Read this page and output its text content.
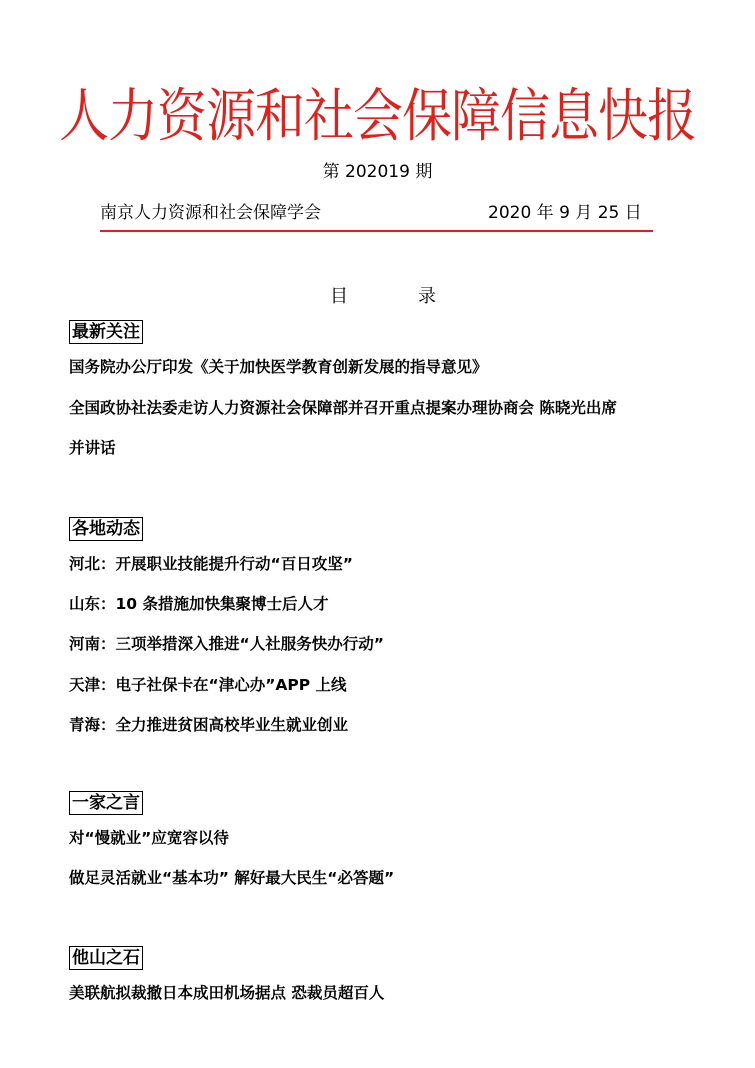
人力资源和社会保障信息快报
第 202019 期
南京人力资源和社会保障学会	2020 年 9 月 25 日
目	录
最新关注
国务院办公厅印发《关于加快医学教育创新发展的指导意见》
全国政协社法委走访人力资源社会保障部并召开重点提案办理协商会 陈晓光出席
并讲话
各地动态
河北：开展职业技能提升行动“百日攻坚”
山东：10 条措施加快集聚博士后人才
河南：三项举措深入推进“人社服务快办行动”
天津：电子社保卡在“津心办”APP 上线
青海：全力推进贫困高校毕业生就业创业
一家之言
对“慢就业”应宽容以待
做足灵活就业“基本功” 解好最大民生“必答题”
他山之石
美联航拟裁撤日本成田机场据点 恐裁员超百人
